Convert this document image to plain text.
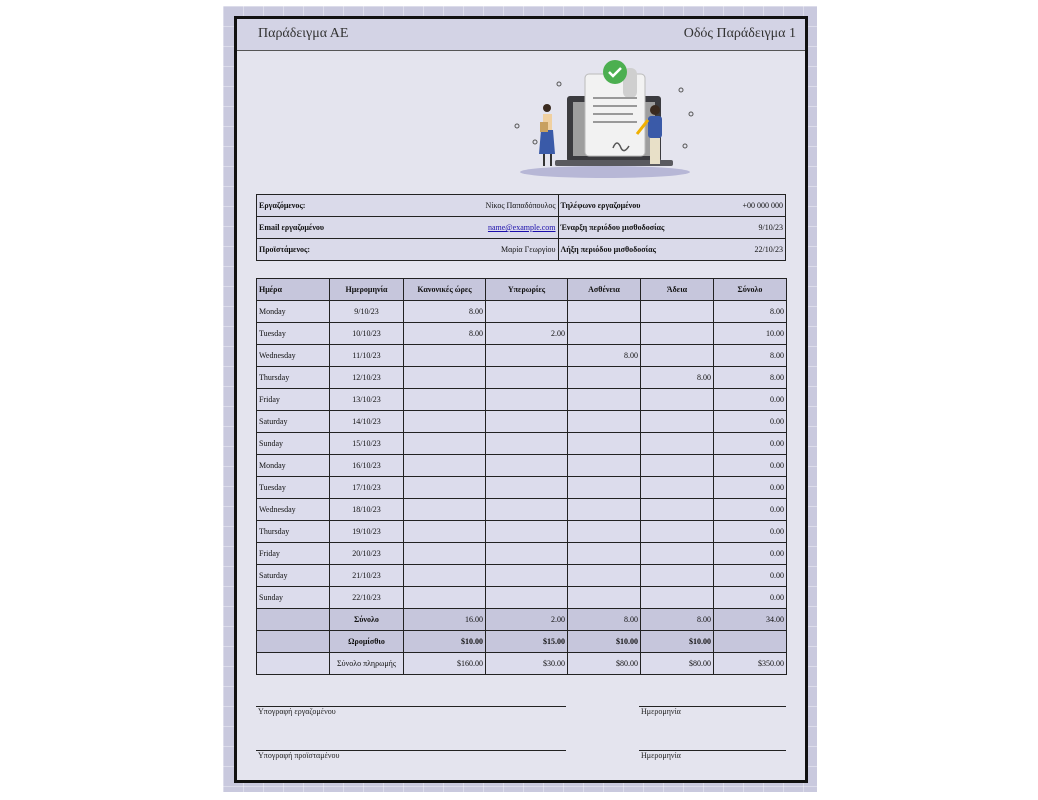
Παράδειγμα ΑΕ	Οδός Παράδειγμα 1
Εργαζόμενος: Νίκος Παπαδόπουλος	Τηλέφωνο εργαζομένου +00 000 000

Email εργαζομένου name@example.com	Έναρξη περιόδου μισθοδοσίας 9/10/23

Προϊστάμενος: Μαρία Γεωργίου	Λήξη περιόδου μισθοδοσίας 22/10/23
Ημέρα	Ημερομηνία	Κανονικές ώρες	Υπερωρίες	Ασθένεια	Άδεια	Σύνολο
Monday	9/10/23	8.00				8.00
Tuesday	10/10/23	8.00	2.00			10.00
Wednesday	11/10/23			8.00		8.00
Thursday	12/10/23				8.00	8.00
Friday	13/10/23					0.00
Saturday	14/10/23					0.00
Sunday	15/10/23					0.00
Monday	16/10/23					0.00
Tuesday	17/10/23					0.00
Wednesday	18/10/23					0.00
Thursday	19/10/23					0.00
Friday	20/10/23					0.00
Saturday	21/10/23					0.00
Sunday	22/10/23					0.00
	Σύνολο	16.00	2.00	8.00	8.00	34.00
	Ωρομίσθιο	$10.00	$15.00	$10.00	$10.00	
	Σύνολο πληρωμής	$160.00	$30.00	$80.00	$80.00	$350.00
Υπογραφή εργαζομένου	Ημερομηνία
Υπογραφή προϊσταμένου	Ημερομηνία
